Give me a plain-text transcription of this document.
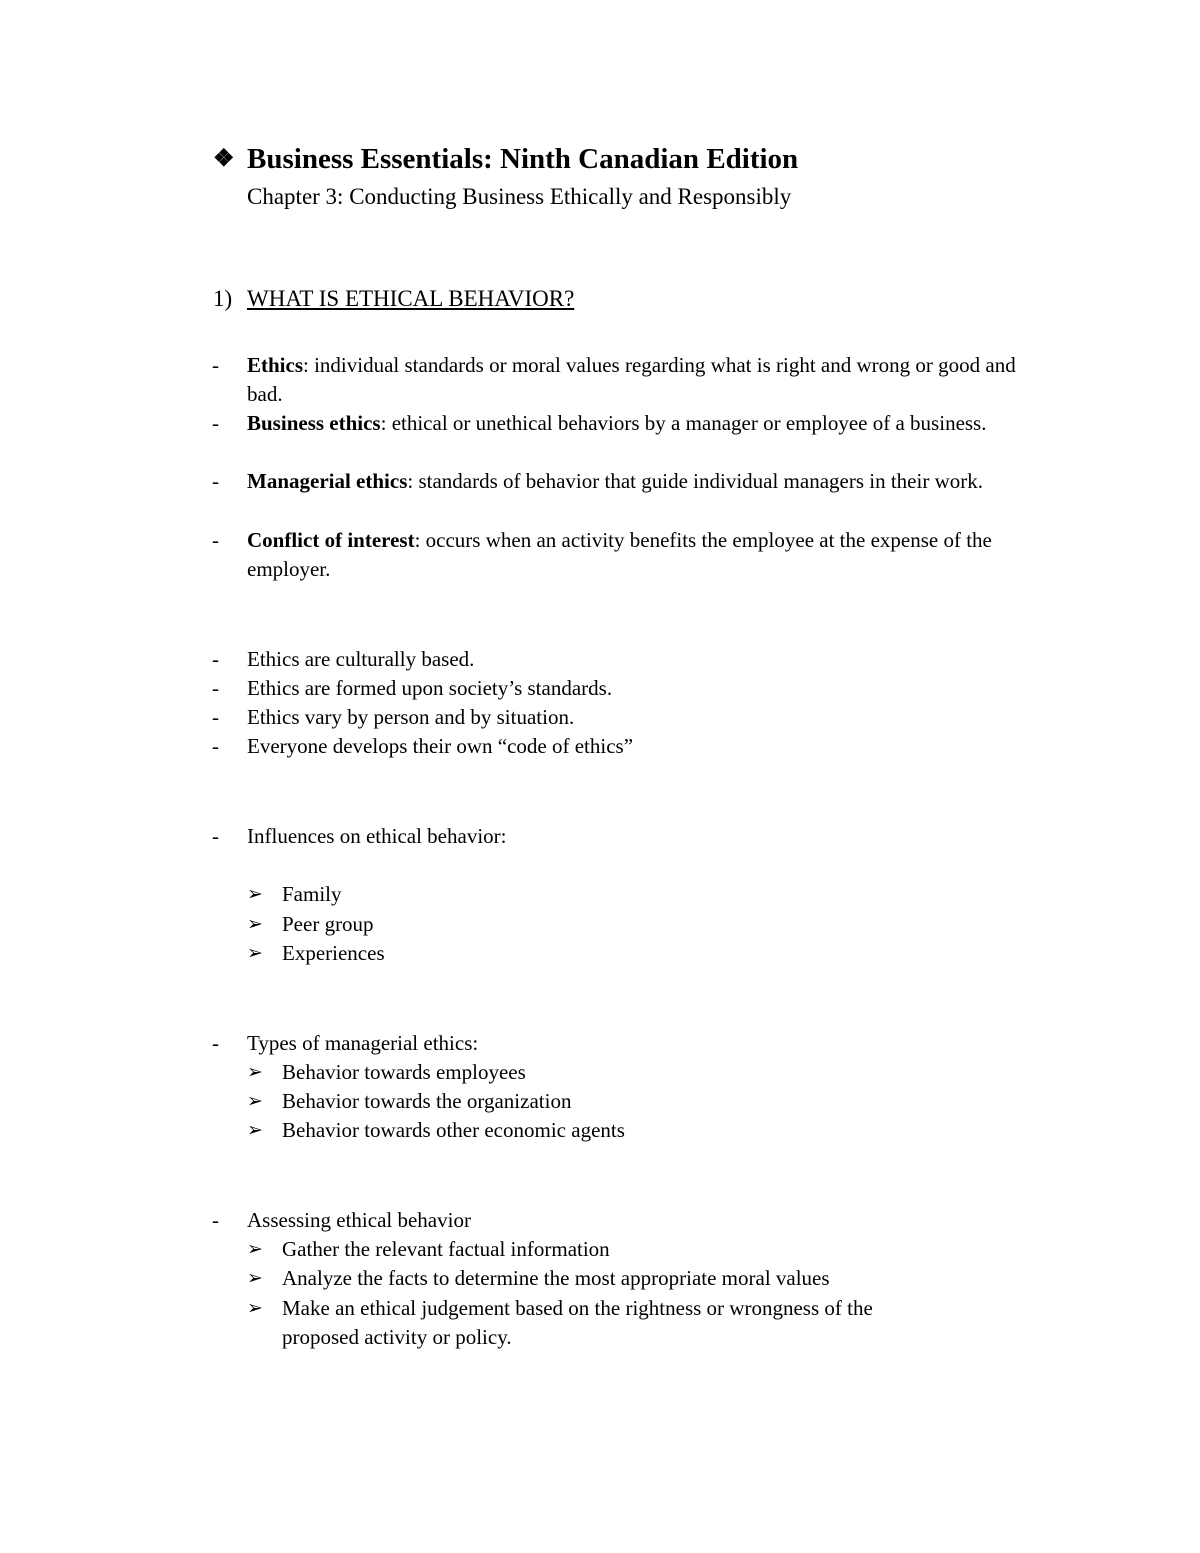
❖ Business Essentials: Ninth Canadian Edition
Chapter 3: Conducting Business Ethically and Responsibly
1) WHAT IS ETHICAL BEHAVIOR?
- Ethics: individual standards or moral values regarding what is right and wrong or good and bad.
- Business ethics: ethical or unethical behaviors by a manager or employee of a business.
- Managerial ethics: standards of behavior that guide individual managers in their work.
- Conflict of interest: occurs when an activity benefits the employee at the expense of the employer.
- Ethics are culturally based.
- Ethics are formed upon society’s standards.
- Ethics vary by person and by situation.
- Everyone develops their own “code of ethics”
- Influences on ethical behavior:
➢ Family
➢ Peer group
➢ Experiences
- Types of managerial ethics:
➢ Behavior towards employees
➢ Behavior towards the organization
➢ Behavior towards other economic agents
- Assessing ethical behavior
➢ Gather the relevant factual information
➢ Analyze the facts to determine the most appropriate moral values
➢ Make an ethical judgement based on the rightness or wrongness of the proposed activity or policy.
